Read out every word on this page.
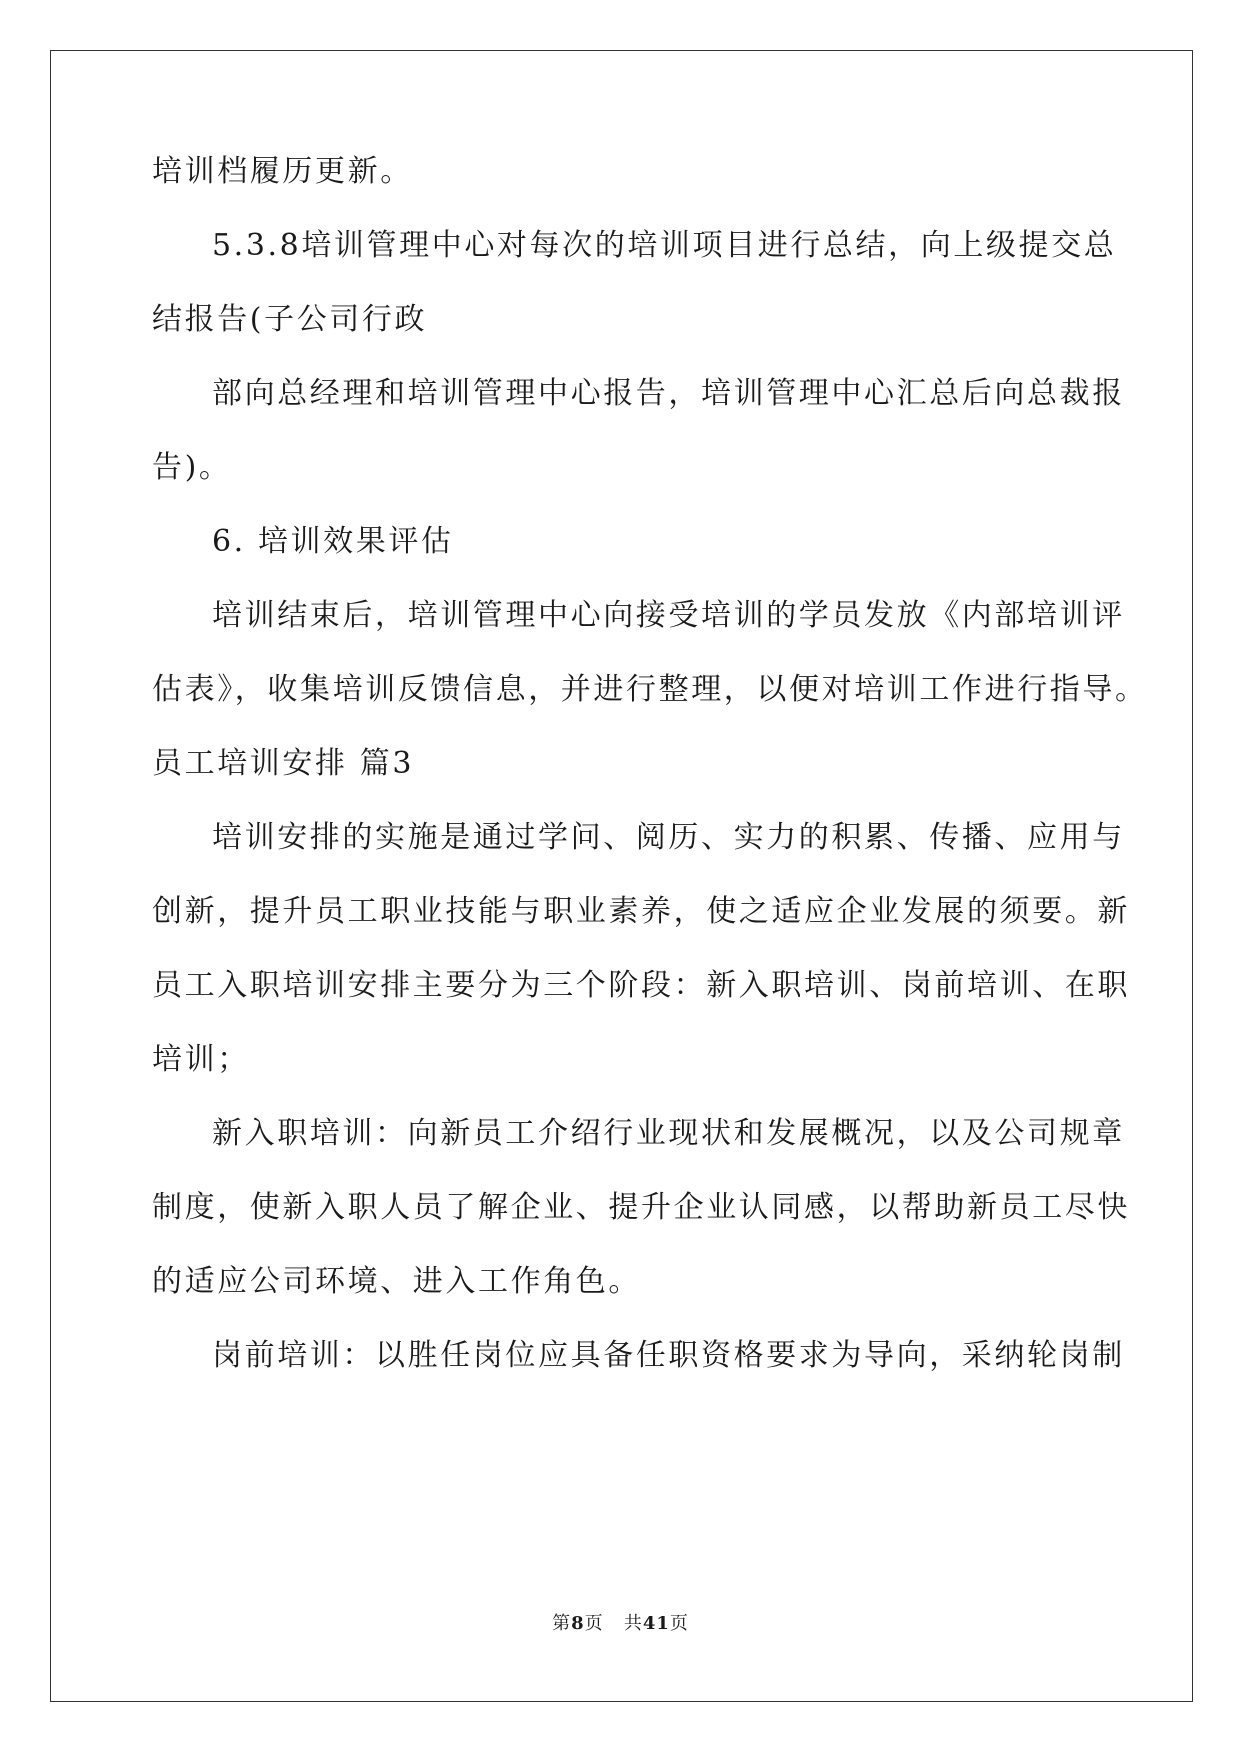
培训档履历更新。
5.3.8培训管理中心对每次的培训项目进行总结，向上级提交总
结报告(子公司行政
部向总经理和培训管理中心报告，培训管理中心汇总后向总裁报
告)。
6. 培训效果评估
培训结束后，培训管理中心向接受培训的学员发放《内部培训评
估表》，收集培训反馈信息，并进行整理，以便对培训工作进行指导。
员工培训安排 篇3
培训安排的实施是通过学问、阅历、实力的积累、传播、应用与
创新，提升员工职业技能与职业素养，使之适应企业发展的须要。新
员工入职培训安排主要分为三个阶段：新入职培训、岗前培训、在职
培训；
新入职培训：向新员工介绍行业现状和发展概况，以及公司规章
制度，使新入职人员了解企业、提升企业认同感，以帮助新员工尽快
的适应公司环境、进入工作角色。
岗前培训：以胜任岗位应具备任职资格要求为导向，采纳轮岗制
第8页 共41页
